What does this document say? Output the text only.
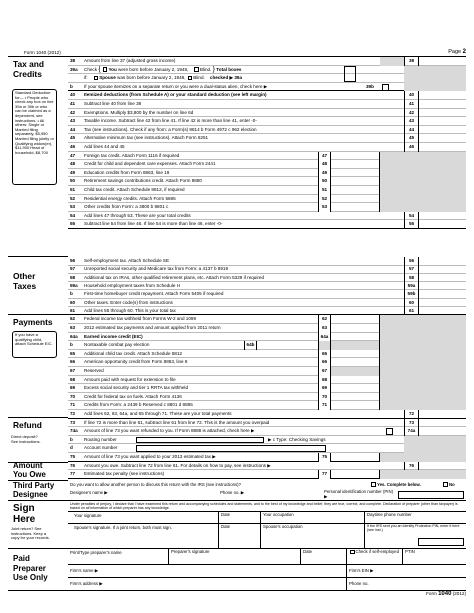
Form 1040 (2012)	Page 2
Tax and
Credits
Standard Deduction for— • People who check any box on line 39a or 39b or who can be claimed as a dependent, see instructions. • All others: Single or Married filing separately, $5,950 Married filing jointly or Qualifying widow(er), $11,900 Head of household, $8,700
Other
Taxes
Payments
If you have a qualifying child, attach Schedule EIC.
Refund
Direct deposit? See instructions.
Amount
You Owe
Third Party
Designee
Sign
Here
Joint return? See instructions. Keep a copy for your records.
Paid
Preparer
Use Only
38	Amount from line 37 (adjusted gross income)	38
39a	Check { You were born before January 2, 1948,    Blind. } Total boxes
if:    Spouse was born before January 2, 1948, Blind.    checked ▶ 39a
b	If your spouse itemizes on a separate return or you were a dual-status alien, check here ▶	39b
40	Itemized deductions (from Schedule A) or your standard deduction (see left margin)	40
41	Subtract line 40 from line 38	41
42	Exemptions. Multiply $3,800 by the number on line 6d	42
43	Taxable income. Subtract line 42 from line 41. If line 42 is more than line 41, enter -0-	43
44	Tax (see instructions). Check if any from: a Form(s) 8814 b Form 4972 c 962 election	44
45	Alternative minimum tax (see instructions). Attach Form 6251	45
46	Add lines 44 and 45	46
47	Foreign tax credit. Attach Form 1116 if required	47
48	Credit for child and dependent care expenses. Attach Form 2441	48
49	Education credits from Form 8863, line 19	49
50	Retirement savings contributions credit. Attach Form 8880	50
51	Child tax credit. Attach Schedule 8812, if required	51
52	Residential energy credits. Attach Form 5695	52
53	Other credits from Form: a 3800 b 8801 c	53
54	Add lines 47 through 53. These are your total credits	54
55	Subtract line 54 from line 46. If line 54 is more than line 46, enter -0-	55
56	Self-employment tax. Attach Schedule SE	56
57	Unreported social security and Medicare tax from Form: a 4137 b 8919	57
58	Additional tax on IRAs, other qualified retirement plans, etc. Attach Form 5329 if required	58
59a	Household employment taxes from Schedule H	59a
b	First-time homebuyer credit repayment. Attach Form 5405 if required	59b
60	Other taxes. Enter code(s) from instructions	60
61	Add lines 55 through 60. This is your total tax	61
62	Federal income tax withheld from Forms W-2 and 1099	62
63	2012 estimated tax payments and amount applied from 2011 return	63
64a	Earned income credit (EIC)	64a
b	Nontaxable combat pay election	64b
65	Additional child tax credit. Attach Schedule 8812	65
66	American opportunity credit from Form 8863, line 8	66
67	Reserved	67
68	Amount paid with request for extension to file	68
69	Excess social security and tier 1 RRTA tax withheld	69
70	Credit for federal tax on fuels. Attach Form 4136	70
71	Credits from Form: a 2439 b Reserved c 8801 d 8885	71
72	Add lines 62, 63, 64a, and 65 through 71. These are your total payments	72
73	If line 72 is more than line 61, subtract line 61 from line 72. This is the amount you overpaid	73
74a	Amount of line 73 you want refunded to you. If Form 8888 is attached, check here ▶	74a
b	Routing number	▶ c Type: Checking Savings
d	Account number
75	Amount of line 73 you want applied to your 2013 estimated tax ▶	75
76	Amount you owe. Subtract line 72 from line 61. For details on how to pay, see instructions ▶	76
77	Estimated tax penalty (see instructions)	77
Do you want to allow another person to discuss this return with the IRS (see instructions)?	Yes. Complete below.	No
Designee's name ▶	Phone no. ▶	Personal identification number (PIN) ▶
Under penalties of perjury, I declare that I have examined this return and accompanying schedules and statements, and to the best of my knowledge and belief, they are true, correct, and complete. Declaration of preparer (other than taxpayer) is based on all information of which preparer has any knowledge.
Your signature	Date	Your occupation	Daytime phone number
Spouse's signature. If a joint return, both must sign.	Date	Spouse's occupation	If the IRS sent you an Identity Protection PIN, enter it here (see inst.)
Print/Type preparer's name	Preparer's signature	Date	Check if self-employed	PTIN
Firm's name ▶	Firm's EIN ▶
Firm's address ▶	Phone no.
Form 1040 (2012)
